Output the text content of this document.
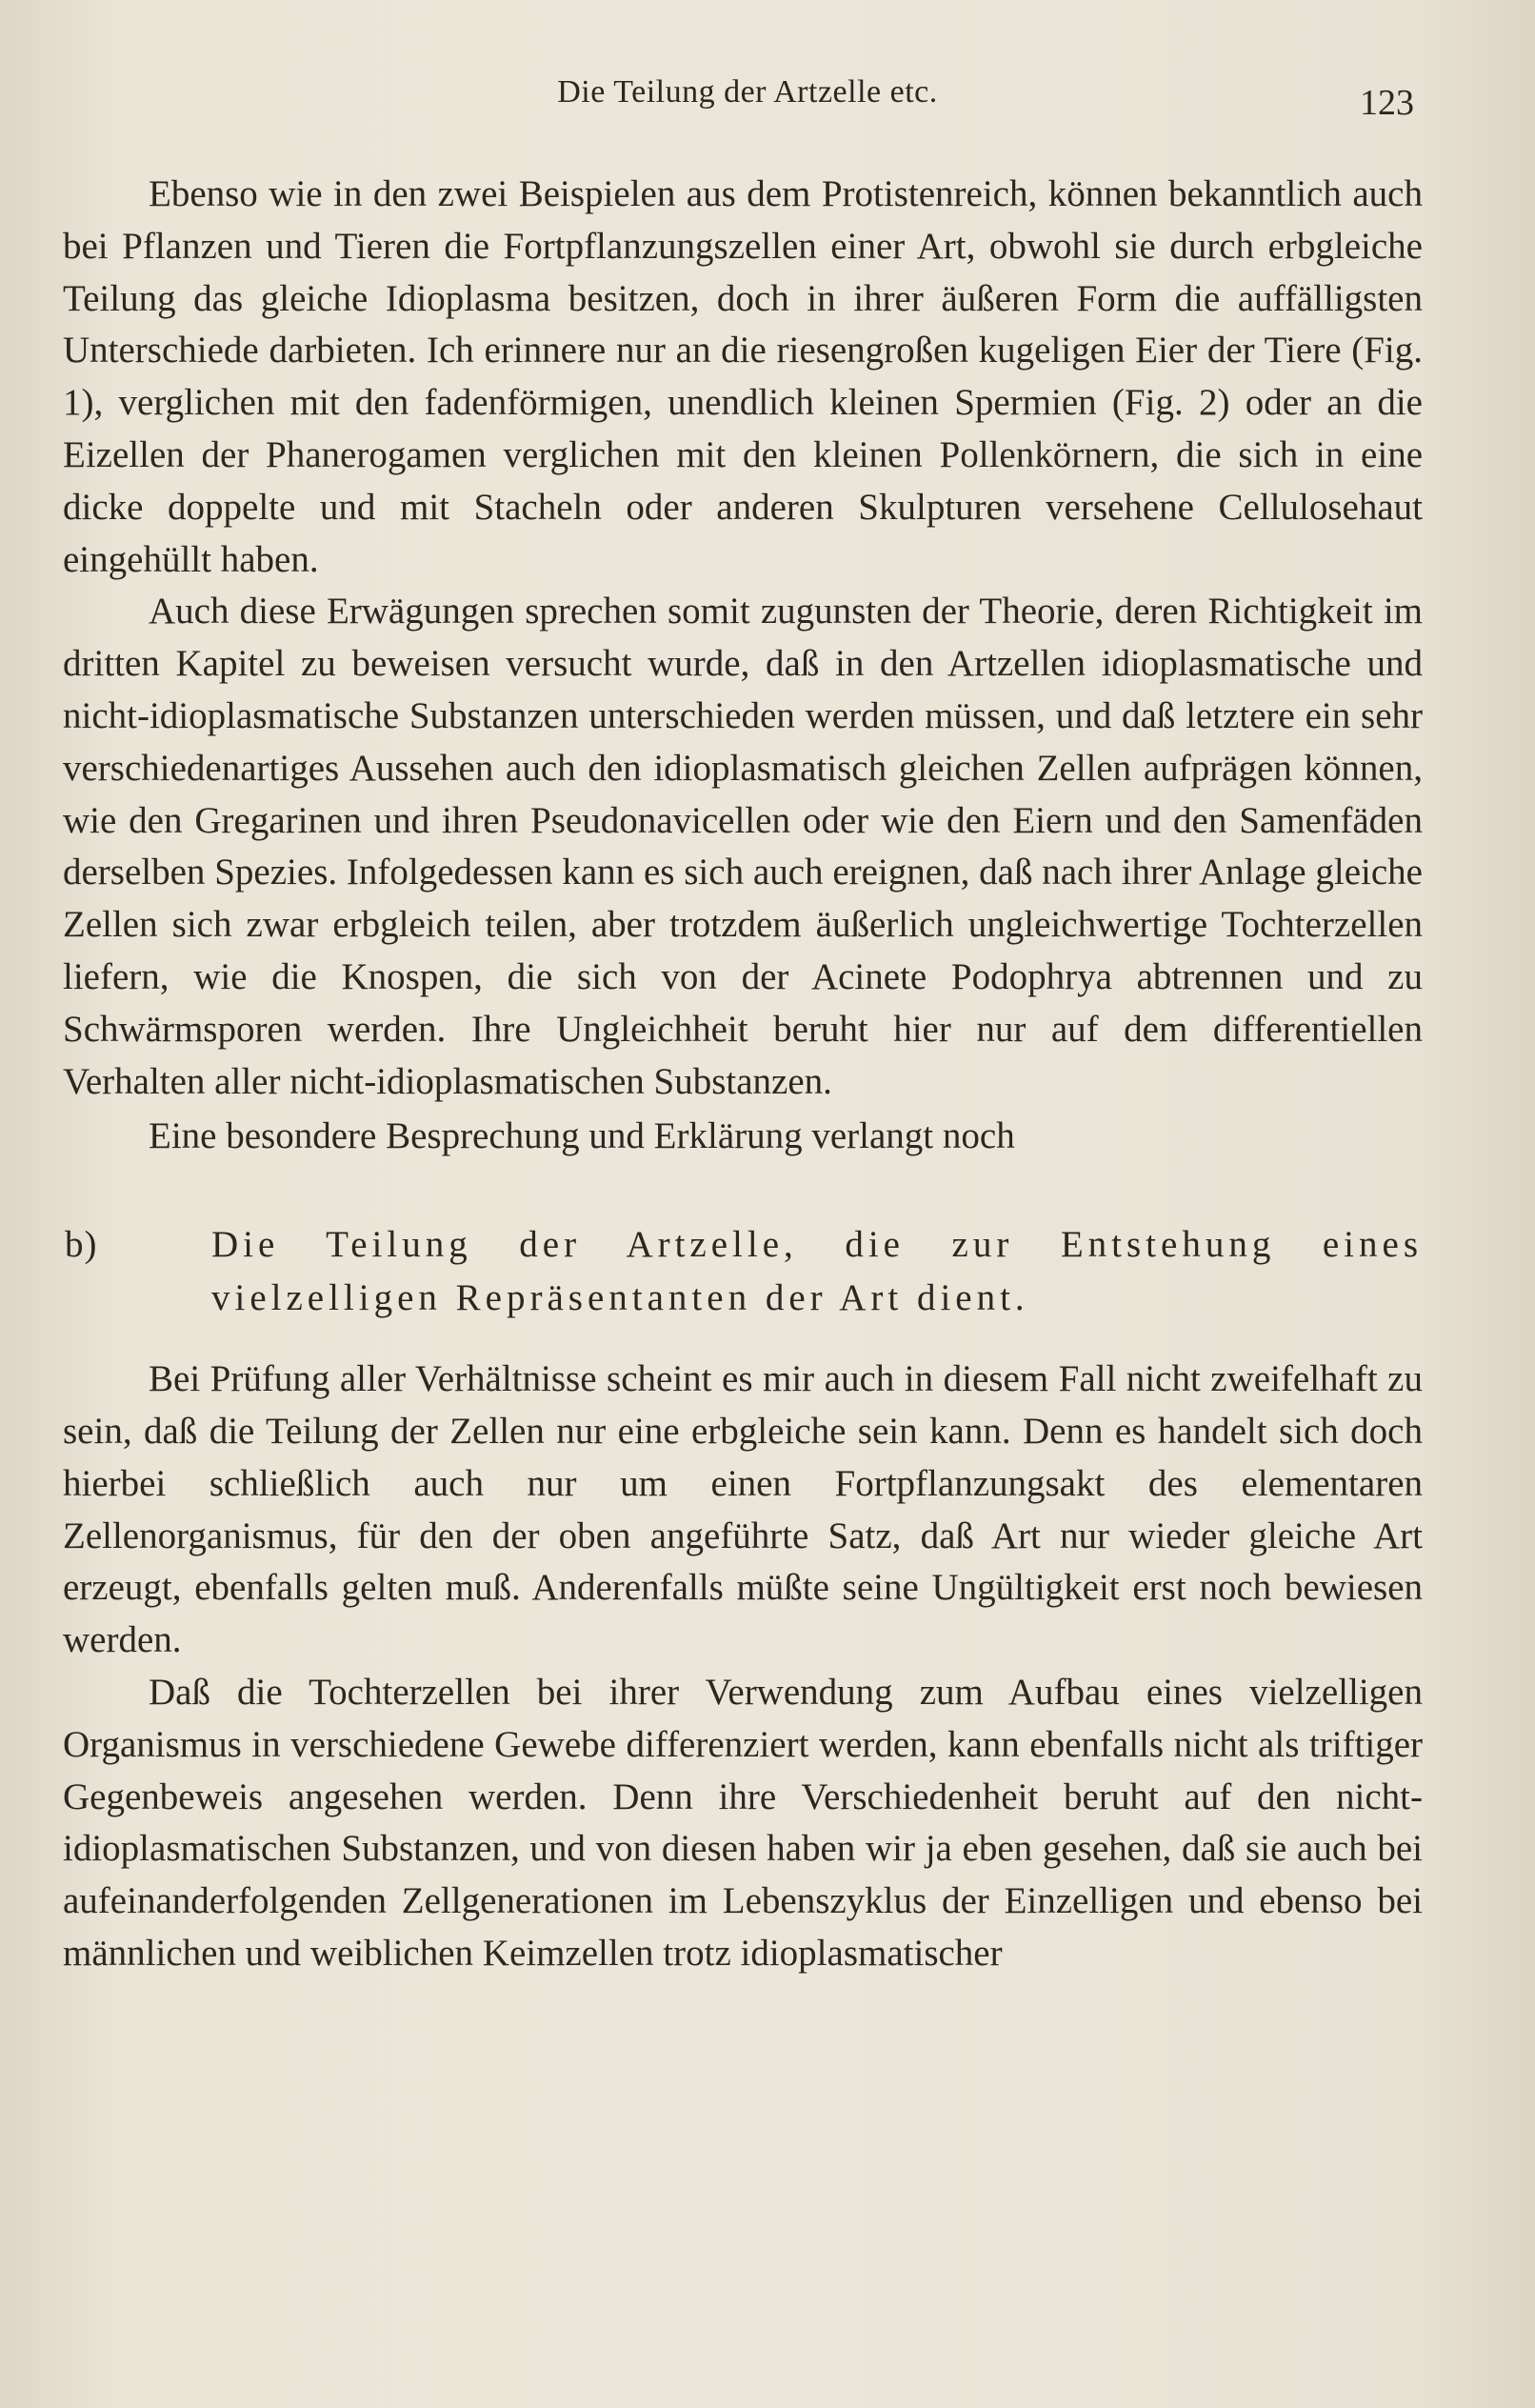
Die Teilung der Artzelle etc.	123

Ebenso wie in den zwei Beispielen aus dem Protistenreich, können bekanntlich auch bei Pflanzen und Tieren die Fortpflanzungszellen einer Art, obwohl sie durch erbgleiche Teilung das gleiche Idioplasma besitzen, doch in ihrer äußeren Form die auffälligsten Unterschiede darbieten. Ich erinnere nur an die riesengroßen kugeligen Eier der Tiere (Fig. 1), verglichen mit den fadenförmigen, unendlich kleinen Spermien (Fig. 2) oder an die Eizellen der Phanerogamen verglichen mit den kleinen Pollenkörnern, die sich in eine dicke doppelte und mit Stacheln oder anderen Skulpturen versehene Cellulosehaut eingehüllt haben.

Auch diese Erwägungen sprechen somit zugunsten der Theorie, deren Richtigkeit im dritten Kapitel zu beweisen versucht wurde, daß in den Artzellen idioplasmatische und nicht-idioplasmatische Substanzen unterschieden werden müssen, und daß letztere ein sehr verschiedenartiges Aussehen auch den idioplasmatisch gleichen Zellen aufprägen können, wie den Gregarinen und ihren Pseudonavicellen oder wie den Eiern und den Samenfäden derselben Spezies. Infolgedessen kann es sich auch ereignen, daß nach ihrer Anlage gleiche Zellen sich zwar erbgleich teilen, aber trotzdem äußerlich ungleichwertige Tochterzellen liefern, wie die Knospen, die sich von der Acinete Podophrya abtrennen und zu Schwärmsporen werden. Ihre Ungleichheit beruht hier nur auf dem differentiellen Verhalten aller nicht-idioplasmatischen Substanzen.

Eine besondere Besprechung und Erklärung verlangt noch

b)	Die Teilung der Artzelle, die zur Entstehung eines vielzelligen Repräsentanten der Art dient.

Bei Prüfung aller Verhältnisse scheint es mir auch in diesem Fall nicht zweifelhaft zu sein, daß die Teilung der Zellen nur eine erbgleiche sein kann. Denn es handelt sich doch hierbei schließlich auch nur um einen Fortpflanzungsakt des elementaren Zellenorganismus, für den der oben angeführte Satz, daß Art nur wieder gleiche Art erzeugt, ebenfalls gelten muß. Anderenfalls müßte seine Ungültigkeit erst noch bewiesen werden.

Daß die Tochterzellen bei ihrer Verwendung zum Aufbau eines vielzelligen Organismus in verschiedene Gewebe differenziert werden, kann ebenfalls nicht als triftiger Gegenbeweis angesehen werden. Denn ihre Verschiedenheit beruht auf den nicht-idioplasmatischen Substanzen, und von diesen haben wir ja eben gesehen, daß sie auch bei aufeinanderfolgenden Zellgenerationen im Lebenszyklus der Einzelligen und ebenso bei männlichen und weiblichen Keimzellen trotz idioplasmatischer
